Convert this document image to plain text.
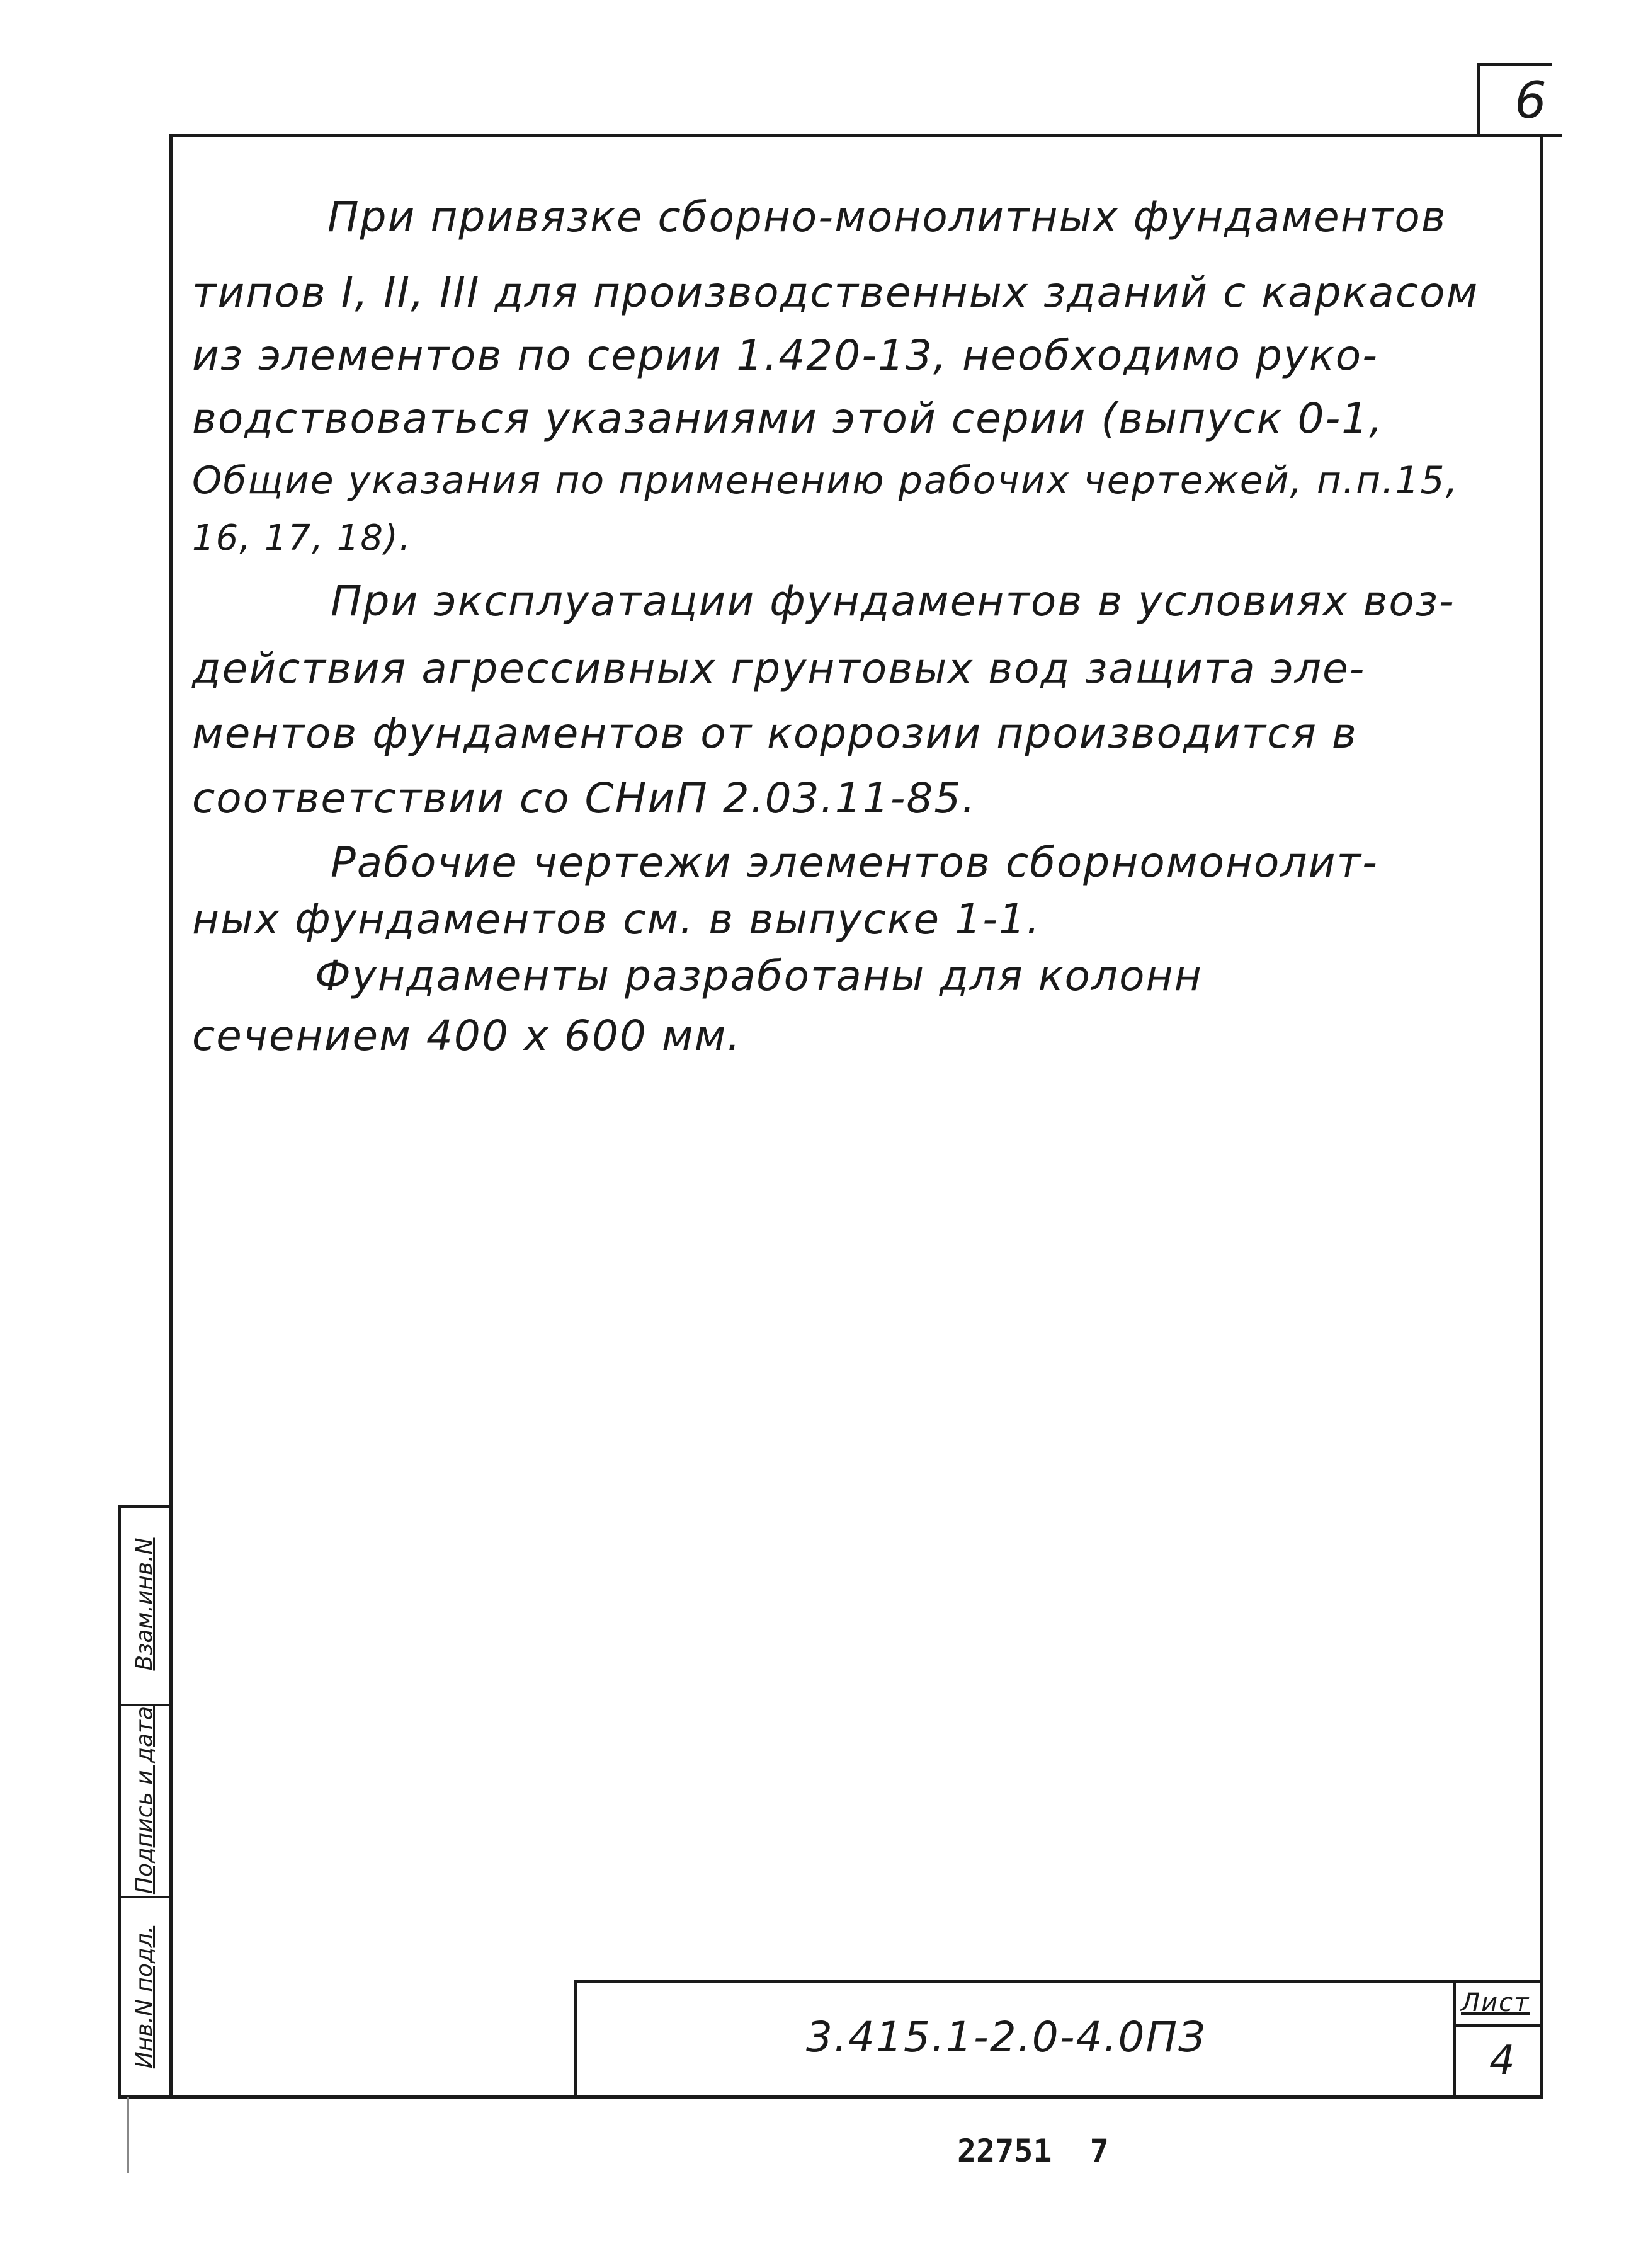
6
При привязке сборно-монолитных фундаментов
типов I, II, III для производственных зданий с каркасом
из элементов по серии 1.420-13, необходимо руко-
водствоваться указаниями этой серии (выпуск 0-1,
Общие указания по применению рабочих чертежей, п.п.15,
16, 17, 18).
При эксплуатации фундаментов в условиях воз-
действия агрессивных грунтовых вод защита эле-
ментов фундаментов от коррозии производится в
соответствии со СНиП 2.03.11-85.
Рабочие чертежи элементов сборномонолит-
ных фундаментов см. в выпуске 1-1.
Фундаменты разработаны для колонн
сечением 400 x 600 мм.
Взам.инв.N
Подпись и дата
Инв.N подл.	3.415.1-2.0-4.0ПЗ
Лист
4
22751  7
